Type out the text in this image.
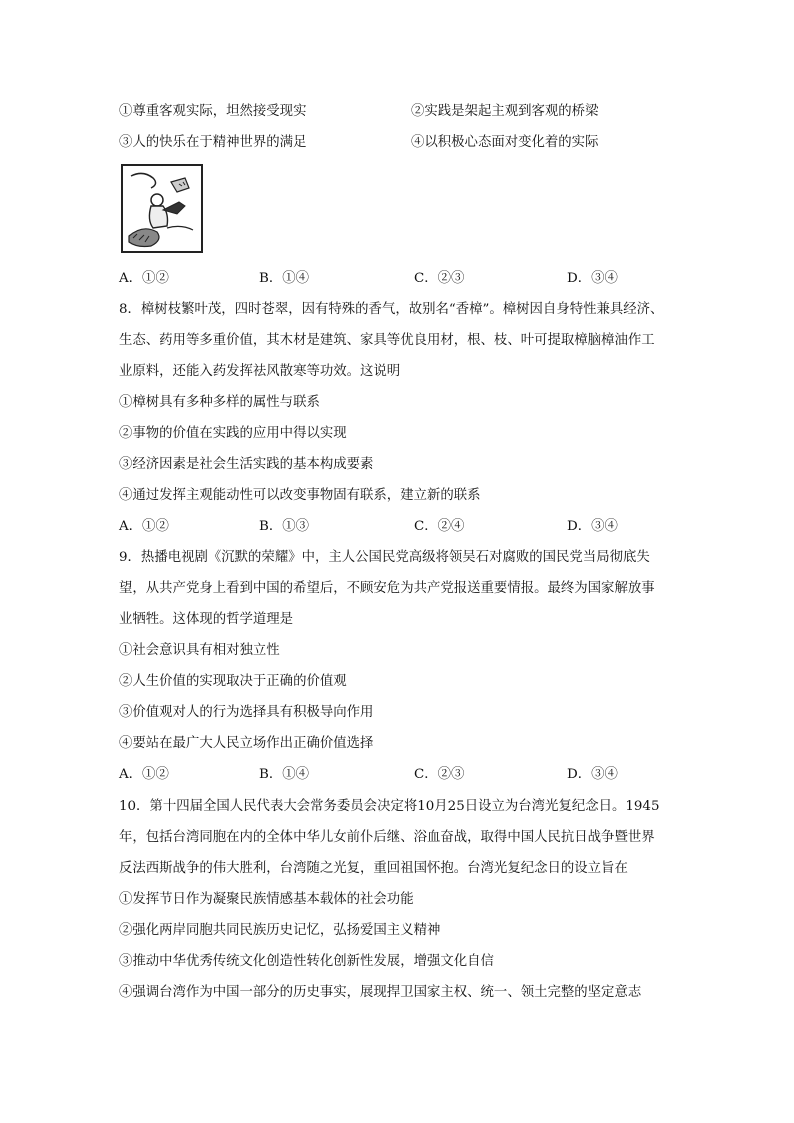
①尊重客观实际，坦然接受现实	②实践是架起主观到客观的桥梁
③人的快乐在于精神世界的满足	④以积极心态面对变化着的实际
A．①②	B．①④	C．②③	D．③④
8．樟树枝繁叶茂，四时苍翠，因有特殊的香气，故别名“香樟”。樟树因自身特性兼具经济、
生态、药用等多重价值，其木材是建筑、家具等优良用材，根、枝、叶可提取樟脑樟油作工
业原料，还能入药发挥祛风散寒等功效。这说明
①樟树具有多种多样的属性与联系
②事物的价值在实践的应用中得以实现
③经济因素是社会生活实践的基本构成要素
④通过发挥主观能动性可以改变事物固有联系，建立新的联系
A．①②	B．①③	C．②④	D．③④
9．热播电视剧《沉默的荣耀》中，主人公国民党高级将领吴石对腐败的国民党当局彻底失
望，从共产党身上看到中国的希望后，不顾安危为共产党报送重要情报。最终为国家解放事
业牺牲。这体现的哲学道理是
①社会意识具有相对独立性
②人生价值的实现取决于正确的价值观
③价值观对人的行为选择具有积极导向作用
④要站在最广大人民立场作出正确价值选择
A．①②	B．①④	C．②③	D．③④
10．第十四届全国人民代表大会常务委员会决定将10月25日设立为台湾光复纪念日。1945
年，包括台湾同胞在内的全体中华儿女前仆后继、浴血奋战，取得中国人民抗日战争暨世界
反法西斯战争的伟大胜利，台湾随之光复，重回祖国怀抱。台湾光复纪念日的设立旨在
①发挥节日作为凝聚民族情感基本载体的社会功能
②强化两岸同胞共同民族历史记忆，弘扬爱国主义精神
③推动中华优秀传统文化创造性转化创新性发展，增强文化自信
④强调台湾作为中国一部分的历史事实，展现捍卫国家主权、统一、领土完整的坚定意志
